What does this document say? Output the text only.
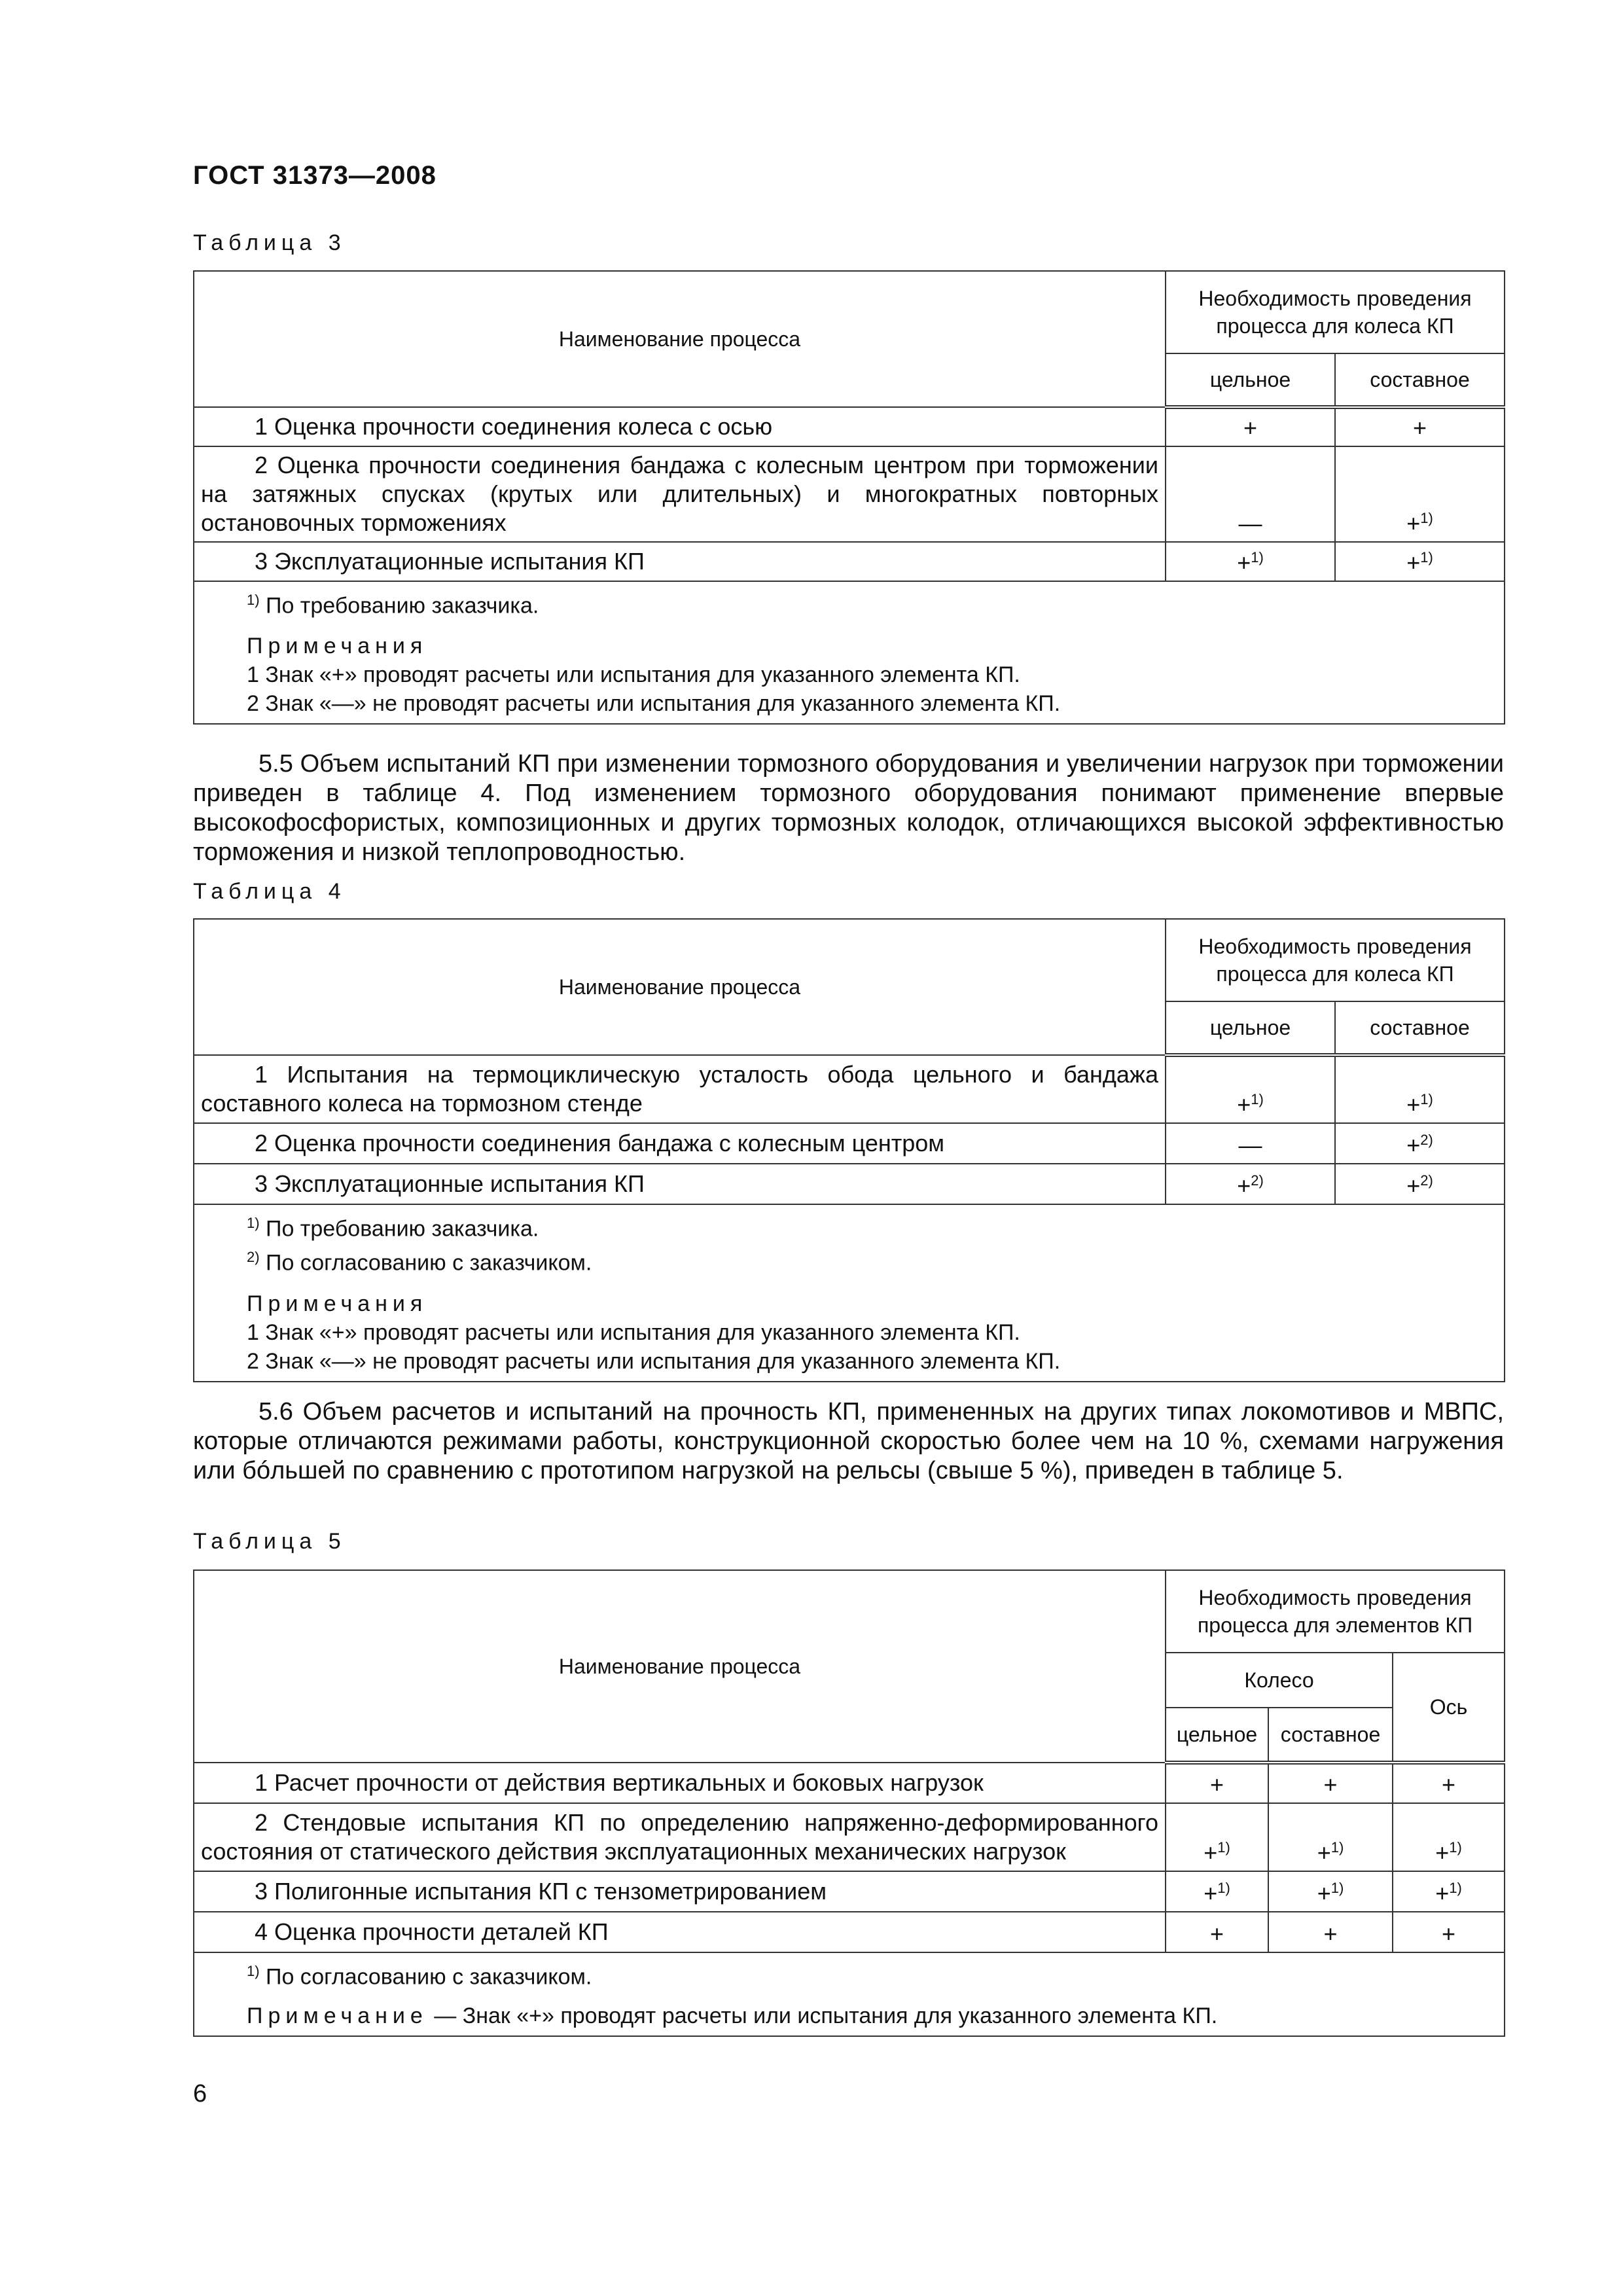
ГОСТ 31373—2008
Таблица 3
Наименование процесса	Необходимость проведения процесса для колеса КП	
	цельное	составное
1 Оценка прочности соединения колеса с осью	+	+
2 Оценка прочности соединения бандажа с колесным центром при торможении на затяжных спусках (крутых или длительных) и многократных повторных остановочных торможениях	—	+$^{1)}$
3 Эксплуатационные испытания КП	+$^{1)}$	+$^{1)}$

$^{1)}$ По требованию заказчика.
Примечания
1 Знак «+» проводят расчеты или испытания для указанного элемента КП.
2 Знак «—» не проводят расчеты или испытания для указанного элемента КП.		
5.5 Объем испытаний КП при изменении тормозного оборудования и увеличении нагрузок при торможении приведен в таблице 4. Под изменением тормозного оборудования понимают применение впервые высокофосфористых, композиционных и других тормозных колодок, отличающихся высокой эффективностью торможения и низкой теплопроводностью.
Таблица 4
Наименование процесса	Необходимость проведения процесса для колеса КП	
	цельное	составное
1 Испытания на термоциклическую усталость обода цельного и бандажа составного колеса на тормозном стенде	+$^{1)}$	+$^{1)}$
2 Оценка прочности соединения бандажа с колесным центром	—	+$^{2)}$
3 Эксплуатационные испытания КП	+$^{2)}$	+$^{2)}$

$^{1)}$ По требованию заказчика.
$^{2)}$ По согласованию с заказчиком.
Примечания
1 Знак «+» проводят расчеты или испытания для указанного элемента КП.
2 Знак «—» не проводят расчеты или испытания для указанного элемента КП.		
5.6 Объем расчетов и испытаний на прочность КП, примененных на других типах локомотивов и МВПС, которые отличаются режимами работы, конструкционной скоростью более чем на 10 %, схемами нагружения или бóльшей по сравнению с прототипом нагрузкой на рельсы (свыше 5 %), приведен в таблице 5.
Таблица 5
Наименование процесса	Необходимость проведения процесса для элементов КП		
	Колесо		Ось
	цельное	составное	
1 Расчет прочности от действия вертикальных и боковых нагрузок	+	+	+
2 Стендовые испытания КП по определению напряженно-деформированного состояния от статического действия эксплуатационных механических нагрузок	+$^{1)}$	+$^{1)}$	+$^{1)}$
3 Полигонные испытания КП с тензометрированием	+$^{1)}$	+$^{1)}$	+$^{1)}$
4 Оценка прочности деталей КП	+	+	+

$^{1)}$ По согласованию с заказчиком.
Примечание — Знак «+» проводят расчеты или испытания для указанного элемента КП.			
6
